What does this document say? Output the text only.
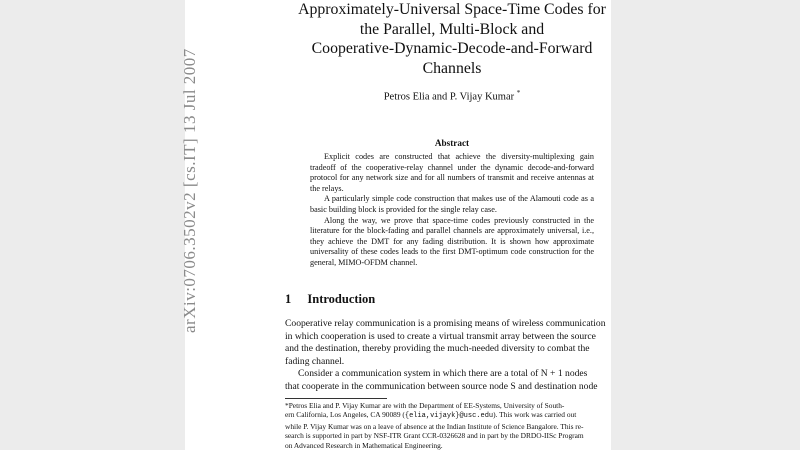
arXiv:0706.3502v2 [cs.IT] 13 Jul 2007
Approximately-Universal Space-Time Codes for
the Parallel, Multi-Block and
Cooperative-Dynamic-Decode-and-Forward
Channels
Petros Elia and P. Vijay Kumar *
Abstract

Explicit codes are constructed that achieve the diversity-multiplexing gain tradeoff of the cooperative-relay channel under the dynamic decode-and-forward protocol for any network size and for all numbers of transmit and receive antennas at the relays.

A particularly simple code construction that makes use of the Alamouti code as a basic building block is provided for the single relay case.

Along the way, we prove that space-time codes previously constructed in the literature for the block-fading and parallel channels are approximately universal, i.e., they achieve the DMT for any fading distribution. It is shown how approximate universality of these codes leads to the first DMT-optimum code construction for the general, MIMO-OFDM channel.

1 Introduction
Cooperative relay communication is a promising means of wireless communication
in which cooperation is used to create a virtual transmit array between the source
and the destination, thereby providing the much-needed diversity to combat the
fading channel.
Consider a communication system in which there are a total of N + 1 nodes
that cooperate in the communication between source node S and destination node
*Petros Elia and P. Vijay Kumar are with the Department of EE-Systems, University of South-
ern California, Los Angeles, CA 90089 ({elia,vijayk}@usc.edu). This work was carried out
while P. Vijay Kumar was on a leave of absence at the Indian Institute of Science Bangalore. This re-
search is supported in part by NSF-ITR Grant CCR-0326628 and in part by the DRDO-IISc Program
on Advanced Research in Mathematical Engineering.
